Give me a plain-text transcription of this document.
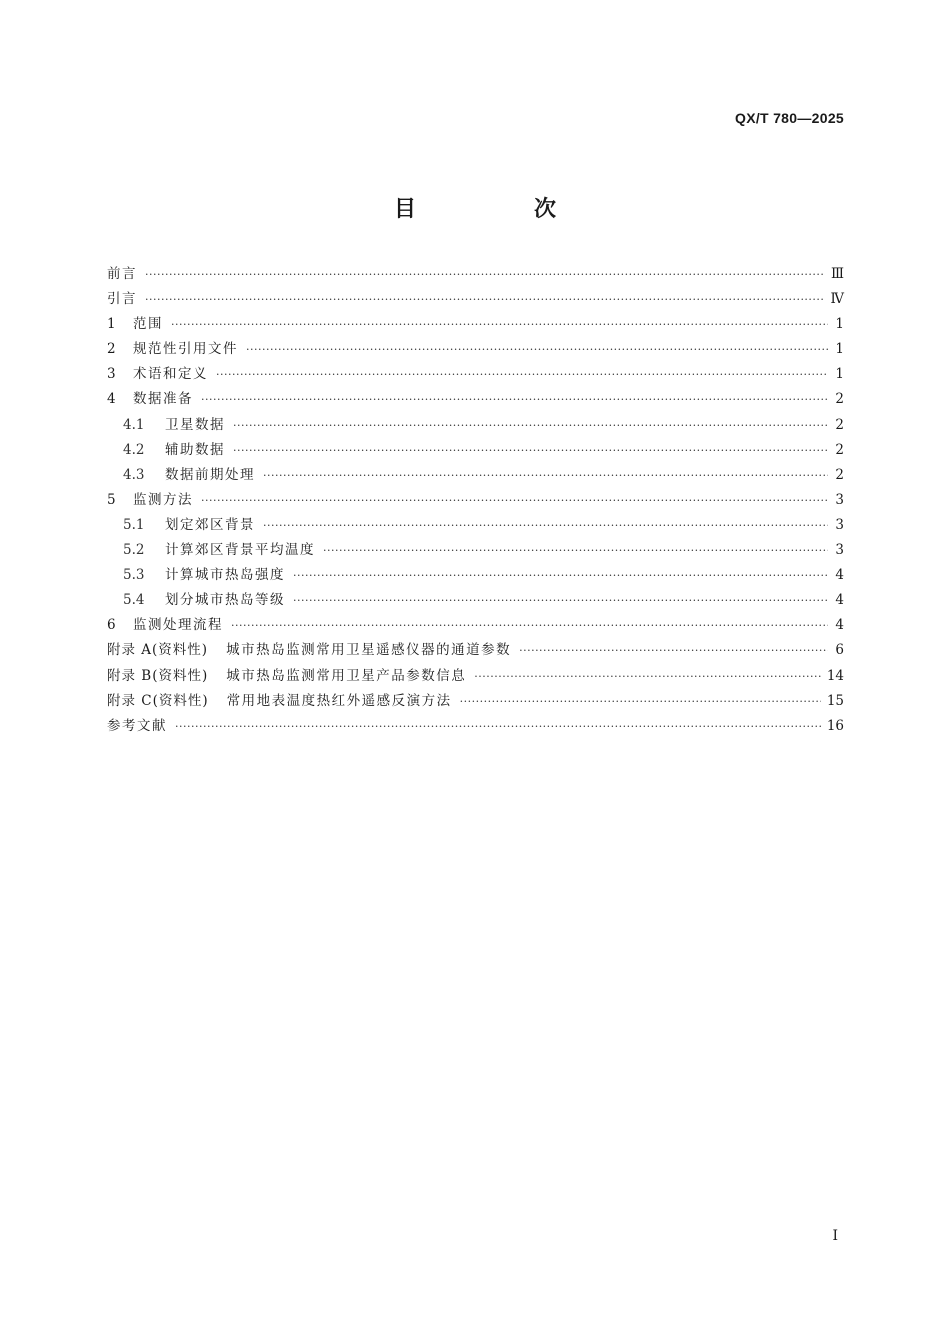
QX/T 780—2025
目　次
前言 ·····	Ⅲ
引言 ·····	Ⅳ
1	范围 ·····	1
2	规范性引用文件 ·····	1
3	术语和定义 ·····	1
4	数据准备 ·····	2
4.1	卫星数据 ·····	2
4.2	辅助数据 ·····	2
4.3	数据前期处理 ·····	2
5	监测方法 ·····	3
5.1	划定郊区背景 ·····	3
5.2	计算郊区背景平均温度 ·····	3
5.3	计算城市热岛强度 ·····	4
5.4	划分城市热岛等级 ·····	4
6	监测处理流程 ·····	4
附录 A(资料性) 城市热岛监测常用卫星遥感仪器的通道参数 ·····	6
附录 B(资料性) 城市热岛监测常用卫星产品参数信息 ·····	14
附录 C(资料性) 常用地表温度热红外遥感反演方法 ·····	15
参考文献 ·····	16
Ⅰ
